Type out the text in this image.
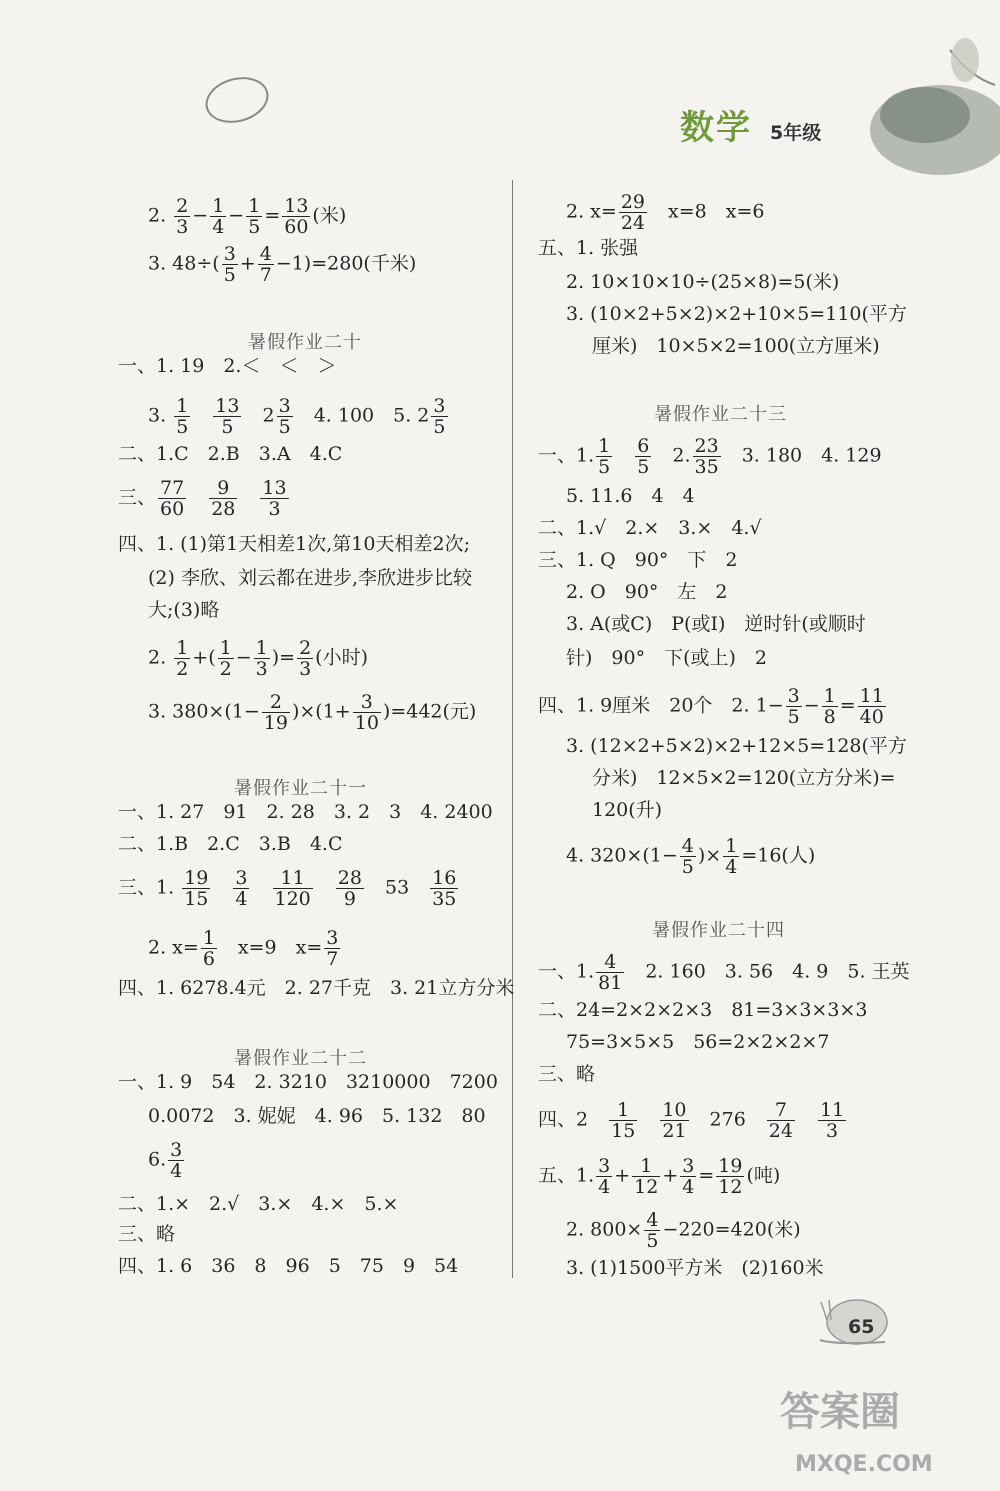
数学 5年级
2. $\frac{2}{3} - \frac{1}{4} - \frac{1}{5} = \frac{13}{60}$ (米)
3. $48\div( \frac{3}{5} + \frac{4}{7} -1)=280$(千米)
暑假作业二十
一、1. 19　2.＜　＜　＞
3. $\frac{1}{5}$
　 $\frac{13}{5}$
　 $2 \frac{3}{5}$
　 4. 100　5. $2 \frac{3}{5}$
二、1.C　2.B　3.A　4.C
三、 $\frac{77}{60}$
　 $\frac{9}{28}$
　 $\frac{13}{3}$
四、1. (1)第1天相差1次,第10天相差2次;
(2) 李欣、刘云都在进步,李欣进步比较
大;(3)略
2. $\frac{1}{2}$ +( $\frac{1}{2} - \frac{1}{3}$ )= $\frac{2}{3}$ (小时)
3. $380\times(1- \frac{2}{19} )\times(1+ \frac{3}{10} )=442$(元)
暑假作业二十一
一、1. 27　91　2. 28　3. 2　3　4. 2400
二、1.B　2.C　3.B　4.C
三、1. $\frac{19}{15}$
　 $\frac{3}{4}$
　 $\frac{11}{120}$
　 $\frac{28}{9}$
　 53　 $\frac{16}{35}$
2. $x= \frac{1}{6}$
　 x=9　$x= \frac{3}{7}$
四、1. 6278.4元　2. 27千克　3. 21立方分米
暑假作业二十二
一、1. 9　54　2. 3210　3210000　7200
0.0072　3. 妮妮　4. 96　5. 132　80
6. $\frac{3}{4}$
二、1.×　2.√　3.×　4.×　5.×
三、略
四、1. 6　36　8　96　5　75　9　54
2. $x= \frac{29}{24}$
　 x=8　x=6
五、1. 张强
2. 10×10×10÷(25×8)=5(米)
3. (10×2+5×2)×2+10×5=110(平方
厘米)　10×5×2=100(立方厘米)
暑假作业二十三
一、1. $\frac{1}{5}$
　 $\frac{6}{5}$
　 2. $\frac{23}{35}$
　 3. 180　4. 129
5. 11.6　4　4
二、1.√　2.×　3.×　4.√
三、1. Q　90°　下　2
2. O　90°　左　2
3. A(或C)　P(或I)　逆时针(或顺时
针)　90°　下(或上)　2
四、1. 9厘米　20个　2. $1- \frac{3}{5} - \frac{1}{8} = \frac{11}{40}$
3. (12×2+5×2)×2+12×5=128(平方
分米)　12×5×2=120(立方分米)=
120(升)
4. $320\times(1- \frac{4}{5}$ )× $\frac{1}{4} =16$(人)
暑假作业二十四
一、1. $\frac{4}{81}$
　 2. 160　3. 56　4. 9　5. 王英
二、24=2×2×2×3　81=3×3×3×3
75=3×5×5　56=2×2×2×7
三、略
四、2　 $\frac{1}{15}$
　 $\frac{10}{21}$
　 276　 $\frac{7}{24}$
　 $\frac{11}{3}$
五、1. $\frac{3}{4} + \frac{1}{12} + \frac{3}{4} = \frac{19}{12}$ (吨)
2. $800\times \frac{4}{5} -220=420$(米)
3. (1)1500平方米　(2)160米
65
答案圈
MXQE.COM
